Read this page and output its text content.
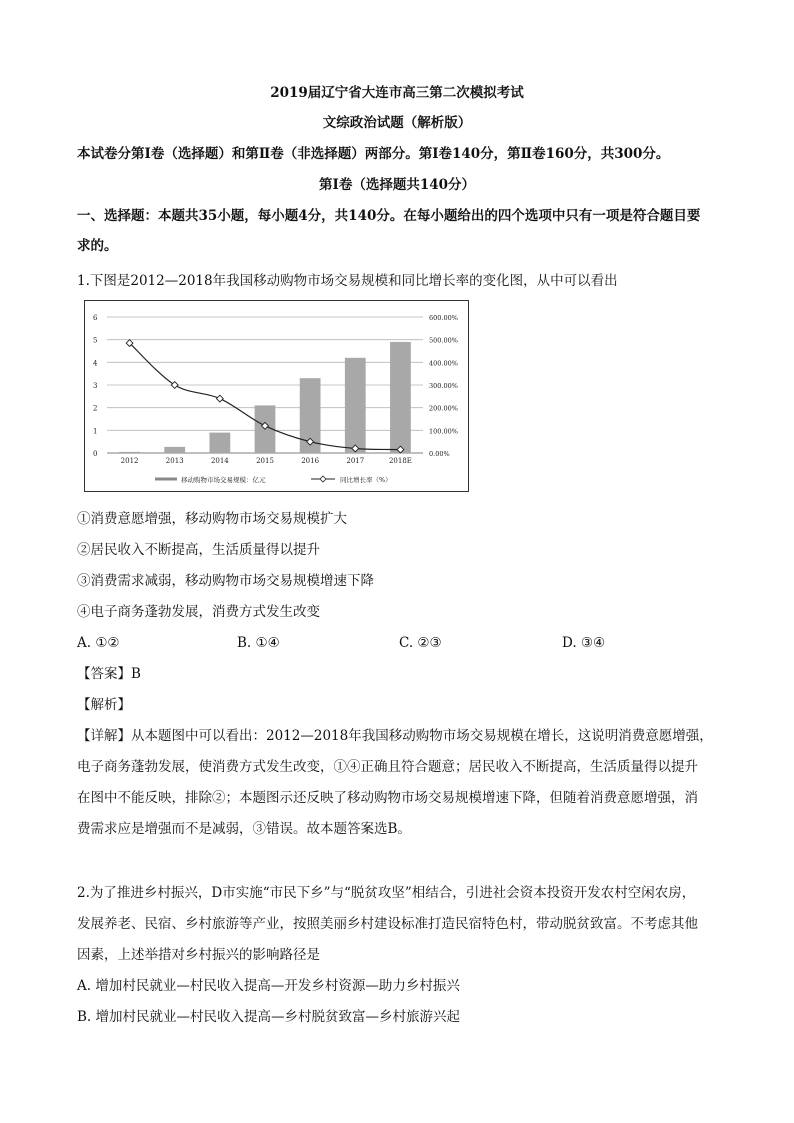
2019届辽宁省大连市高三第二次模拟考试
文综政治试题（解析版）
本试卷分第Ⅰ卷（选择题）和第Ⅱ卷（非选择题）两部分。第Ⅰ卷140分，第Ⅱ卷160分，共300分。
第Ⅰ卷（选择题共140分）
一、选择题：本题共35小题，每小题4分，共140分。在每小题给出的四个选项中只有一项是符合题目要
求的。
1.下图是2012—2018年我国移动购物市场交易规模和同比增长率的变化图，从中可以看出
0
1
2
3
4
5
6
0.00%
100.00%
200.00%
300.00%
400.00%
500.00%
600.00%
2012	2013	2014	2015	2016	2017	2018E
移动购物市场交易规模：亿元	同比增长率（%）
①消费意愿增强，移动购物市场交易规模扩大
②居民收入不断提高，生活质量得以提升
③消费需求减弱，移动购物市场交易规模增速下降
④电子商务蓬勃发展，消费方式发生改变
A. ①②	B. ①④	C. ②③	D. ③④
【答案】B
【解析】
【详解】从本题图中可以看出：2012—2018年我国移动购物市场交易规模在增长，这说明消费意愿增强，
电子商务蓬勃发展，使消费方式发生改变，①④正确且符合题意；居民收入不断提高，生活质量得以提升
在图中不能反映，排除②；本题图示还反映了移动购物市场交易规模增速下降，但随着消费意愿增强，消
费需求应是增强而不是减弱，③错误。故本题答案选B。
2.为了推进乡村振兴，D市实施“市民下乡”与“脱贫攻坚”相结合，引进社会资本投资开发农村空闲农房，
发展养老、民宿、乡村旅游等产业，按照美丽乡村建设标准打造民宿特色村，带动脱贫致富。不考虑其他
因素，上述举措对乡村振兴的影响路径是
A. 增加村民就业—村民收入提高—开发乡村资源—助力乡村振兴
B. 增加村民就业—村民收入提高—乡村脱贫致富—乡村旅游兴起
